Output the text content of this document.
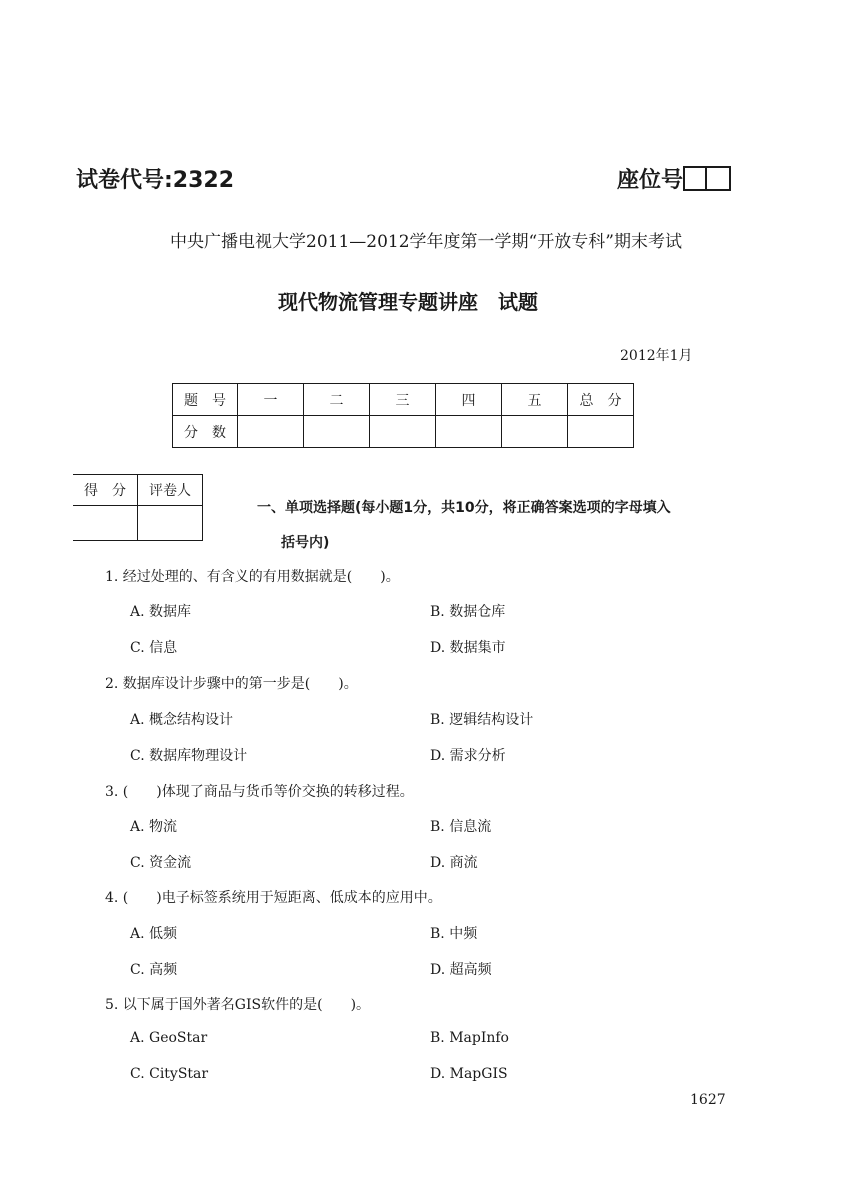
试卷代号:2322	座位号
中央广播电视大学2011—2012学年度第一学期“开放专科”期末考试
现代物流管理专题讲座　试题
2012年1月
题　号	一	二	三	四	五	总　分
分　数						
得　分	评卷人

一、单项选择题(每小题1分，共10分，将正确答案选项的字母填入
括号内)
1. 经过处理的、有含义的有用数据就是(　　)。
A. 数据库	B. 数据仓库
C. 信息	D. 数据集市
2. 数据库设计步骤中的第一步是(　　)。
A. 概念结构设计	B. 逻辑结构设计
C. 数据库物理设计	D. 需求分析
3. (　　)体现了商品与货币等价交换的转移过程。
A. 物流	B. 信息流
C. 资金流	D. 商流
4. (　　)电子标签系统用于短距离、低成本的应用中。
A. 低频	B. 中频
C. 高频	D. 超高频
5. 以下属于国外著名GIS软件的是(　　)。
A. GeoStar	B. MapInfo
C. CityStar	D. MapGIS
1627
